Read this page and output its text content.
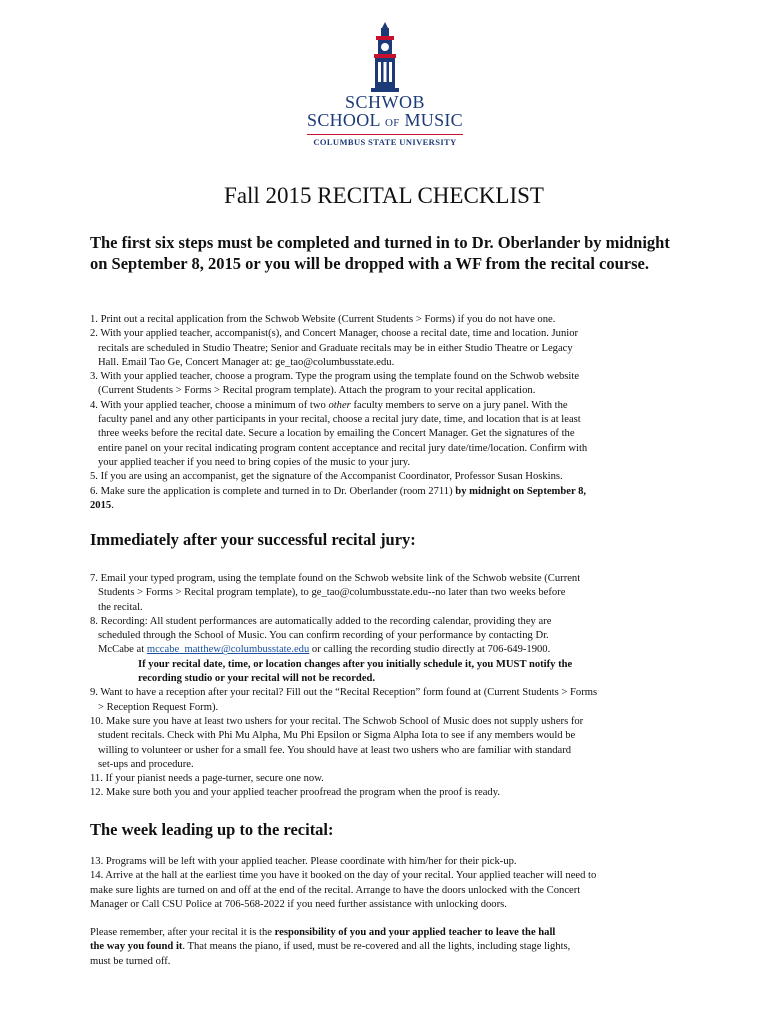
SCHWOB
SCHOOL OF MUSIC
COLUMBUS STATE UNIVERSITY
Fall 2015 RECITAL CHECKLIST
The first six steps must be completed and turned in to Dr. Oberlander by midnight on September 8, 2015 or you will be dropped with a WF from the recital course.

1. Print out a recital application from the Schwob Website (Current Students > Forms) if you do not have one.

2. With your applied teacher, accompanist(s), and Concert Manager, choose a recital date, time and location. Junior

recitals are scheduled in Studio Theatre; Senior and Graduate recitals may be in either Studio Theatre or Legacy

Hall. Email Tao Ge, Concert Manager at: ge_tao@columbusstate.edu.

3. With your applied teacher, choose a program. Type the program using the template found on the Schwob website

(Current Students > Forms > Recital program template). Attach the program to your recital application.

4. With your applied teacher, choose a minimum of two other faculty members to serve on a jury panel. With the

faculty panel and any other participants in your recital, choose a recital jury date, time, and location that is at least

three weeks before the recital date. Secure a location by emailing the Concert Manager. Get the signatures of the

entire panel on your recital indicating program content acceptance and recital jury date/time/location. Confirm with

your applied teacher if you need to bring copies of the music to your jury.

5. If you are using an accompanist, get the signature of the Accompanist Coordinator, Professor Susan Hoskins.

6. Make sure the application is complete and turned in to Dr. Oberlander (room 2711) by midnight on September 8,

2015.

Immediately after your successful recital jury:

7. Email your typed program, using the template found on the Schwob website link of the Schwob website (Current

Students > Forms > Recital program template), to ge_tao@columbusstate.edu--no later than two weeks before

the recital.

8. Recording: All student performances are automatically added to the recording calendar, providing they are

scheduled through the School of Music. You can confirm recording of your performance by contacting Dr.

McCabe at mccabe_matthew@columbusstate.edu or calling the recording studio directly at 706-649-1900.

If your recital date, time, or location changes after you initially schedule it, you MUST notify the

recording studio or your recital will not be recorded.

9. Want to have a reception after your recital? Fill out the “Recital Reception” form found at (Current Students > Forms

> Reception Request Form).

10. Make sure you have at least two ushers for your recital. The Schwob School of Music does not supply ushers for

student recitals. Check with Phi Mu Alpha, Mu Phi Epsilon or Sigma Alpha Iota to see if any members would be

willing to volunteer or usher for a small fee. You should have at least two ushers who are familiar with standard

set-ups and procedure.

11. If your pianist needs a page-turner, secure one now.

12. Make sure both you and your applied teacher proofread the program when the proof is ready.

The week leading up to the recital:

13. Programs will be left with your applied teacher. Please coordinate with him/her for their pick-up.

14. Arrive at the hall at the earliest time you have it booked on the day of your recital. Your applied teacher will need to

make sure lights are turned on and off at the end of the recital. Arrange to have the doors unlocked with the Concert

Manager or Call CSU Police at 706-568-2022 if you need further assistance with unlocking doors.

Please remember, after your recital it is the responsibility of you and your applied teacher to leave the hall

the way you found it. That means the piano, if used, must be re-covered and all the lights, including stage lights,

must be turned off.
